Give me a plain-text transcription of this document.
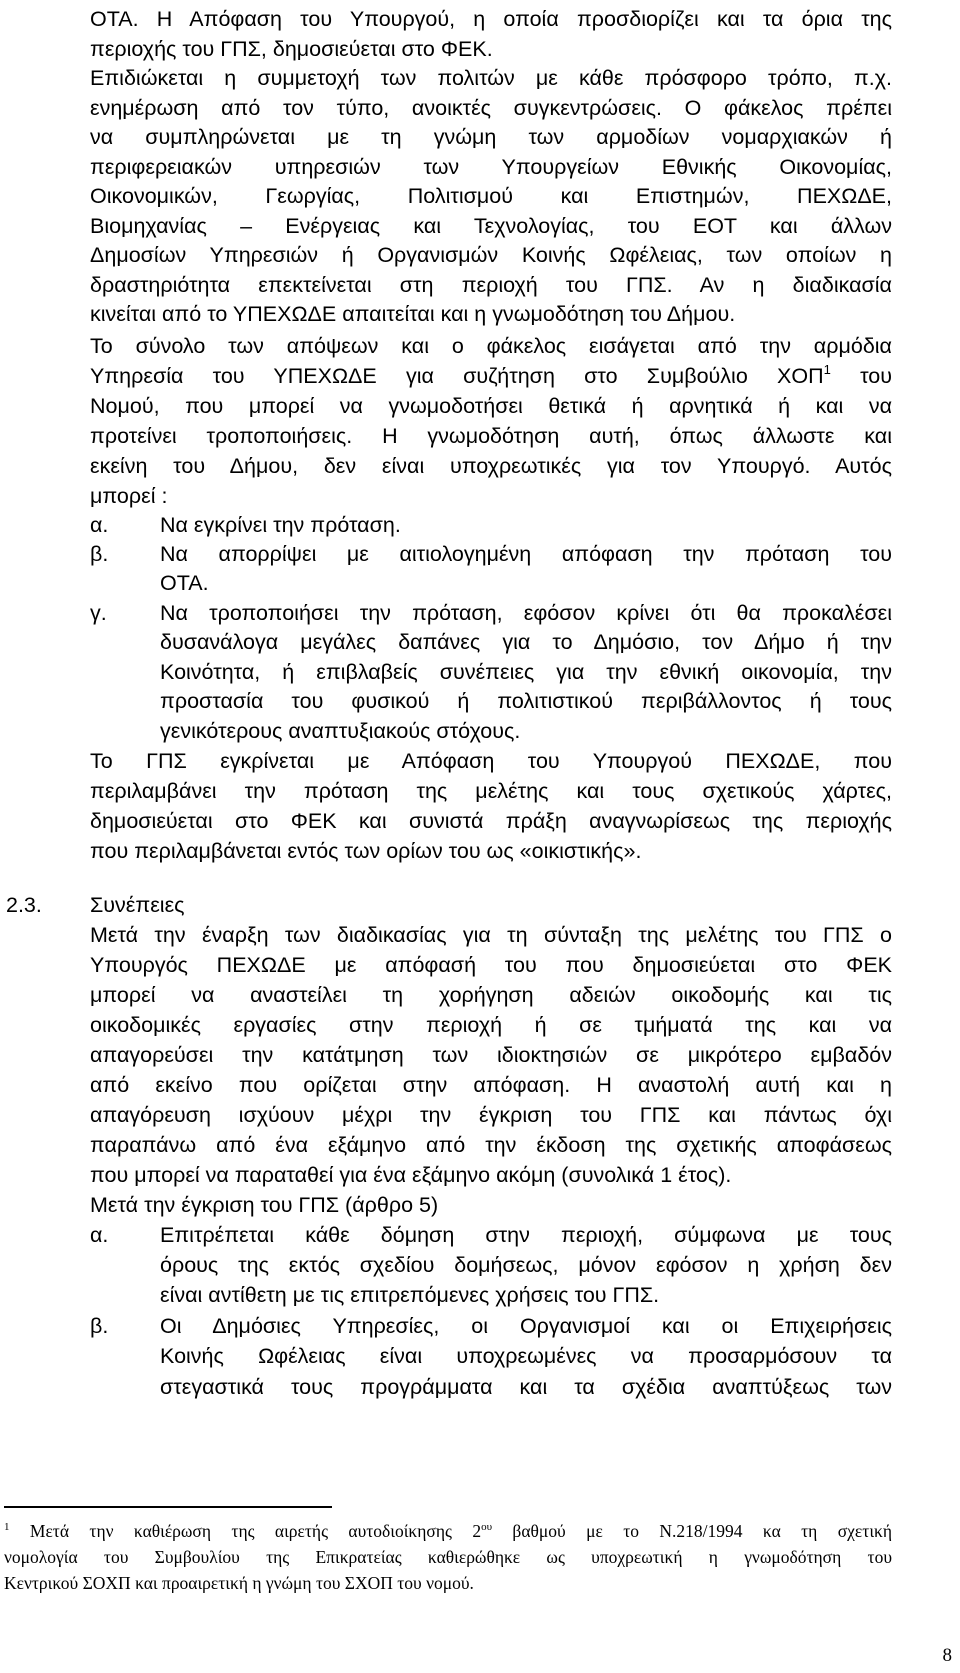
ΟΤΑ. Η Απόφαση του Υπουργού, η οποία προσδιορίζει και τα όρια της
περιοχής του ΓΠΣ, δημοσιεύεται στο ΦΕΚ.
Επιδιώκεται η συμμετοχή των πολιτών με κάθε πρόσφορο τρόπο, π.χ.
ενημέρωση από τον τύπο, ανοικτές συγκεντρώσεις. Ο φάκελος πρέπει
να συμπληρώνεται με τη γνώμη των αρμοδίων νομαρχιακών ή
περιφερειακών υπηρεσιών των Υπουργείων Εθνικής Οικονομίας,
Οικονομικών, Γεωργίας, Πολιτισμού και Επιστημών, ΠΕΧΩΔΕ,
Βιομηχανίας – Ενέργειας και Τεχνολογίας, του ΕΟΤ και άλλων
Δημοσίων Υπηρεσιών ή Οργανισμών Κοινής Ωφέλειας, των οποίων η
δραστηριότητα επεκτείνεται στη περιοχή του ΓΠΣ. Αν η διαδικασία
κινείται από το ΥΠΕΧΩΔΕ απαιτείται και η γνωμοδότηση του Δήμου.
Το σύνολο των απόψεων και ο φάκελος εισάγεται από την αρμόδια
Υπηρεσία του ΥΠΕΧΩΔΕ για συζήτηση στο Συμβούλιο ΧΟΠ$^1$ του
Νομού, που μπορεί να γνωμοδοτήσει θετικά ή αρνητικά ή και να
προτείνει τροποποιήσεις. Η γνωμοδότηση αυτή, όπως άλλωστε και
εκείνη του Δήμου, δεν είναι υποχρεωτικές για τον Υπουργό. Αυτός
μπορεί :
α. Να εγκρίνει την πρόταση.
β. Να απορρίψει με αιτιολογημένη απόφαση την πρόταση του
ΟΤΑ.
γ. Να τροποποιήσει την πρόταση, εφόσον κρίνει ότι θα προκαλέσει
δυσανάλογα μεγάλες δαπάνες για το Δημόσιο, τον Δήμο ή την
Κοινότητα, ή επιβλαβείς συνέπειες για την εθνική οικονομία, την
προστασία του φυσικού ή πολιτιστικού περιβάλλοντος ή τους
γενικότερους αναπτυξιακούς στόχους.
Το ΓΠΣ εγκρίνεται με Απόφαση του Υπουργού ΠΕΧΩΔΕ, που
περιλαμβάνει την πρόταση της μελέτης και τους σχετικούς χάρτες,
δημοσιεύεται στο ΦΕΚ και συνιστά πράξη αναγνωρίσεως της περιοχής
που περιλαμβάνεται εντός των ορίων του ως «οικιστικής».
2.3. Συνέπειες
Μετά την έναρξη των διαδικασίας για τη σύνταξη της μελέτης του ΓΠΣ ο
Υπουργός ΠΕΧΩΔΕ με απόφασή του που δημοσιεύεται στο ΦΕΚ
μπορεί να αναστείλει τη χορήγηση αδειών οικοδομής και τις
οικοδομικές εργασίες στην περιοχή ή σε τμήματά της και να
απαγορεύσει την κατάτμηση των ιδιοκτησιών σε μικρότερο εμβαδόν
από εκείνο που ορίζεται στην απόφαση. Η αναστολή αυτή και η
απαγόρευση ισχύουν μέχρι την έγκριση του ΓΠΣ και πάντως όχι
παραπάνω από ένα εξάμηνο από την έκδοση της σχετικής αποφάσεως
που μπορεί να παραταθεί για ένα εξάμηνο ακόμη (συνολικά 1 έτος).
Μετά την έγκριση του ΓΠΣ (άρθρο 5)
α. Επιτρέπεται κάθε δόμηση στην περιοχή, σύμφωνα με τους
όρους της εκτός σχεδίου δομήσεως, μόνον εφόσον η χρήση δεν
είναι αντίθετη με τις επιτρεπόμενες χρήσεις του ΓΠΣ.
β. Οι Δημόσιες Υπηρεσίες, οι Οργανισμοί και οι Επιχειρήσεις
Κοινής Ωφέλειας είναι υποχρεωμένες να προσαρμόσουν τα
στεγαστικά τους προγράμματα και τα σχέδια αναπτύξεως των
$^1$ Μετά την καθιέρωση της αιρετής αυτοδιοίκησης $2^{o\upsilon}$ βαθμού με το Ν.218/1994 κα τη σχετική
νομολογία του Συμβουλίου της Επικρατείας καθιερώθηκε ως υποχρεωτική η γνωμοδότηση του
Κεντρικού ΣΟΧΠ και προαιρετική η γνώμη του ΣΧΟΠ του νομού.
8
